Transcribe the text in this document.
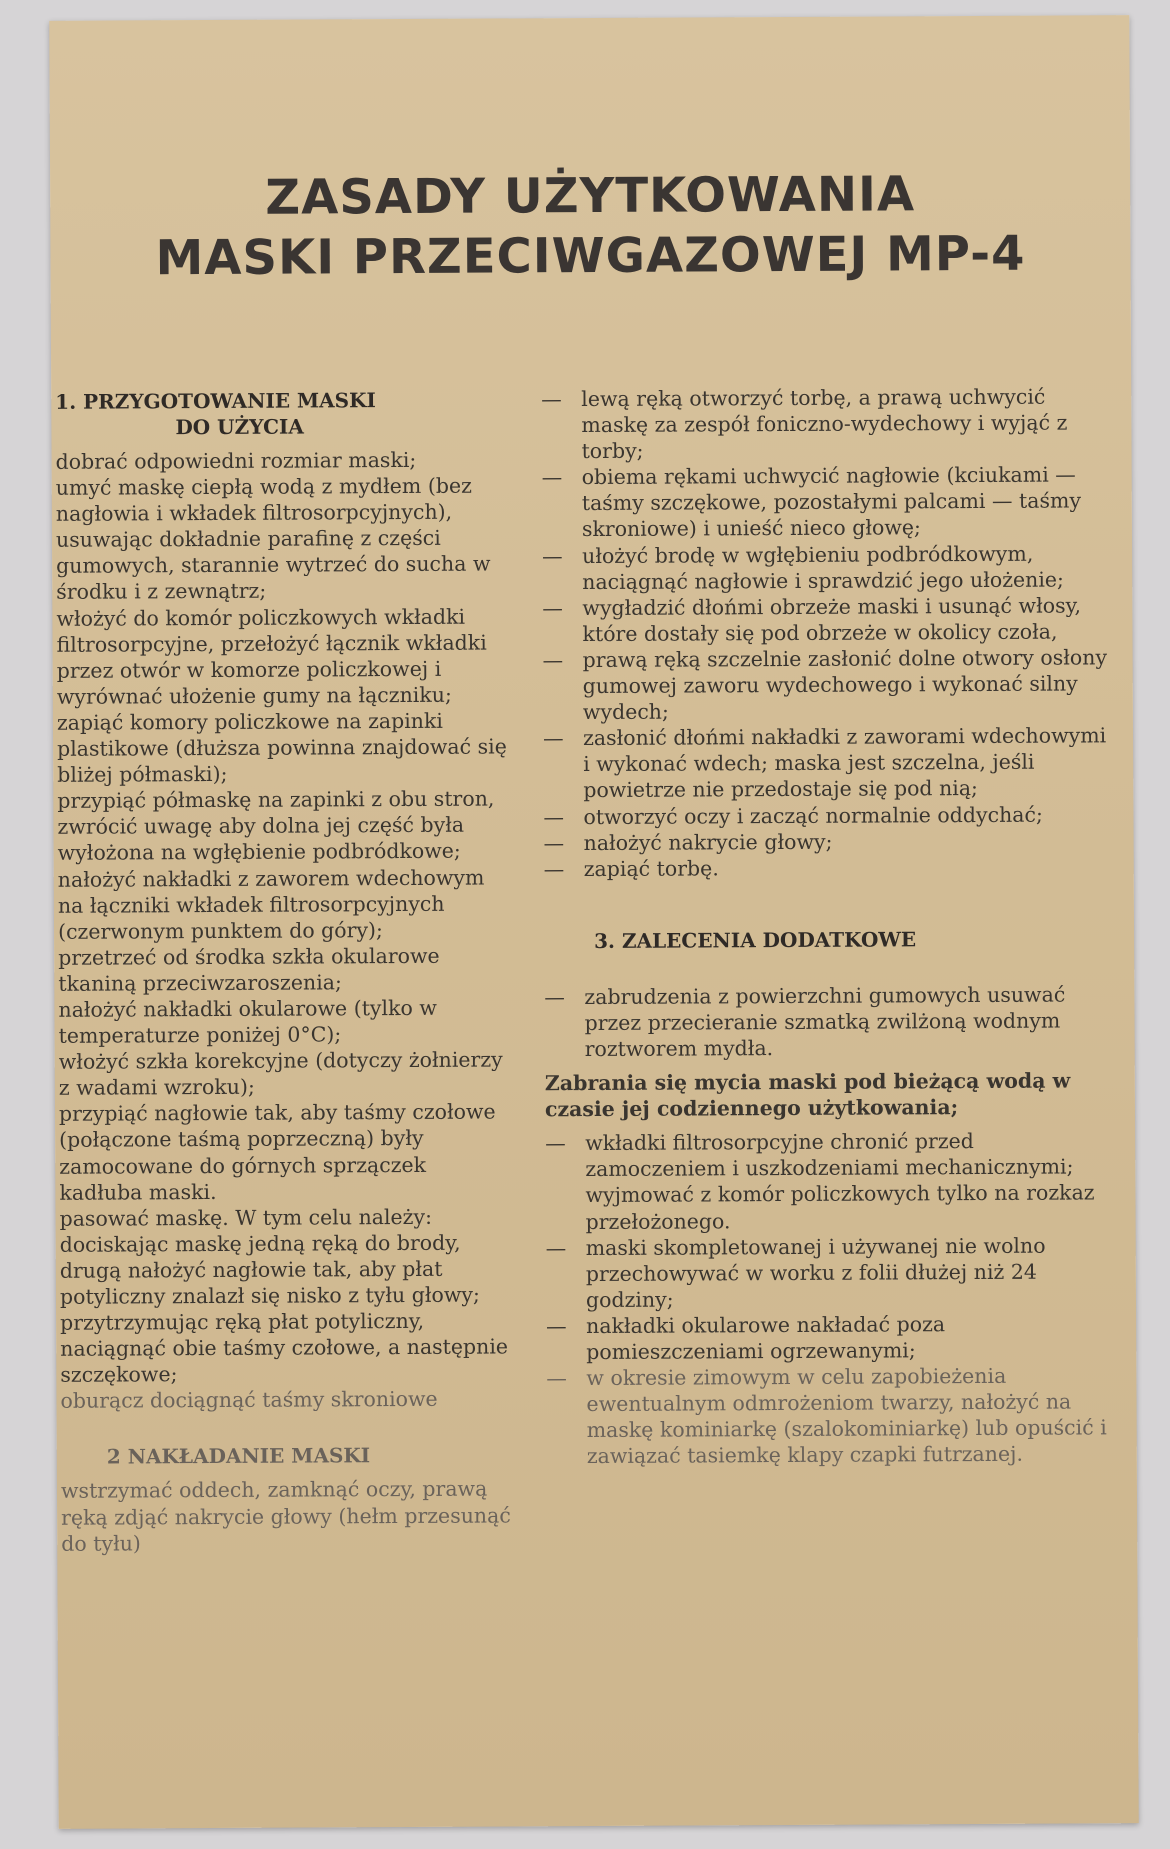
ZASADY UŻYTKOWANIA
MASKI PRZECIWGAZOWEJ MP-4
1. PRZYGOTOWANIE MASKI
DO UŻYCIA

dobrać odpowiedni rozmiar maski;

umyć maskę ciepłą wodą z mydłem (bez nagłowia i wkładek filtrosorpcyjnych), usuwając dokładnie parafinę z części gumowych, starannie wytrzeć do sucha w środku i z zewnątrz;

włożyć do komór policzkowych wkładki filtrosorpcyjne, przełożyć łącznik wkładki przez otwór w komorze policzkowej i wyrównać ułożenie gumy na łączniku;

zapiąć komory policzkowe na zapinki plastikowe (dłuższa powinna znajdować się bliżej półmaski);

przypiąć półmaskę na zapinki z obu stron, zwrócić uwagę aby dolna jej część była wyłożona na wgłębienie podbródkowe;

nałożyć nakładki z zaworem wdechowym na łączniki wkładek filtrosorpcyjnych (czerwonym punktem do góry);

przetrzeć od środka szkła okularowe tkaniną przeciwzaroszenia;

nałożyć nakładki okularowe (tylko w temperaturze poniżej 0°C);

włożyć szkła korekcyjne (dotyczy żołnierzy z wadami wzroku);

przypiąć nagłowie tak, aby taśmy czołowe (połączone taśmą poprzeczną) były zamocowane do górnych sprzączek kadłuba maski.

pasować maskę. W tym celu należy: dociskając maskę jedną ręką do brody, drugą nałożyć nagłowie tak, aby płat potyliczny znalazł się nisko z tyłu głowy;

przytrzymując ręką płat potyliczny, naciągnąć obie taśmy czołowe, a następnie szczękowe;

oburącz dociągnąć taśmy skroniowe

2 NAKŁADANIE MASKI

wstrzymać oddech, zamknąć oczy, prawą ręką zdjąć nakrycie głowy (hełm przesunąć do tyłu)

— lewą ręką otworzyć torbę, a prawą uchwycić maskę za zespół foniczno-wydechowy i wyjąć z torby;
— obiema rękami uchwycić nagłowie (kciukami — taśmy szczękowe, pozostałymi palcami — taśmy skroniowe) i unieść nieco głowę;
— ułożyć brodę w wgłębieniu podbródkowym, naciągnąć nagłowie i sprawdzić jego ułożenie;
— wygładzić dłońmi obrzeże maski i usunąć włosy, które dostały się pod obrzeże w okolicy czoła,
— prawą ręką szczelnie zasłonić dolne otwory osłony gumowej zaworu wydechowego i wykonać silny wydech;
— zasłonić dłońmi nakładki z zaworami wdechowymi i wykonać wdech; maska jest szczelna, jeśli powietrze nie przedostaje się pod nią;
— otworzyć oczy i zacząć normalnie oddychać;
— nałożyć nakrycie głowy;
— zapiąć torbę.
3. ZALECENIA DODATKOWE
— zabrudzenia z powierzchni gumowych usuwać przez przecieranie szmatką zwilżoną wodnym roztworem mydła.

Zabrania się mycia maski pod bieżącą wodą w czasie jej codziennego użytkowania;

— wkładki filtrosorpcyjne chronić przed zamoczeniem i uszkodzeniami mechanicznymi; wyjmować z komór policzkowych tylko na rozkaz przełożonego.
— maski skompletowanej i używanej nie wolno przechowywać w worku z folii dłużej niż 24 godziny;
— nakładki okularowe nakładać poza pomieszczeniami ogrzewanymi;
— w okresie zimowym w celu zapobieżenia ewentualnym odmrożeniom twarzy, nałożyć na maskę kominiarkę (szalokominiarkę) lub opuścić i zawiązać tasiemkę klapy czapki futrzanej.
